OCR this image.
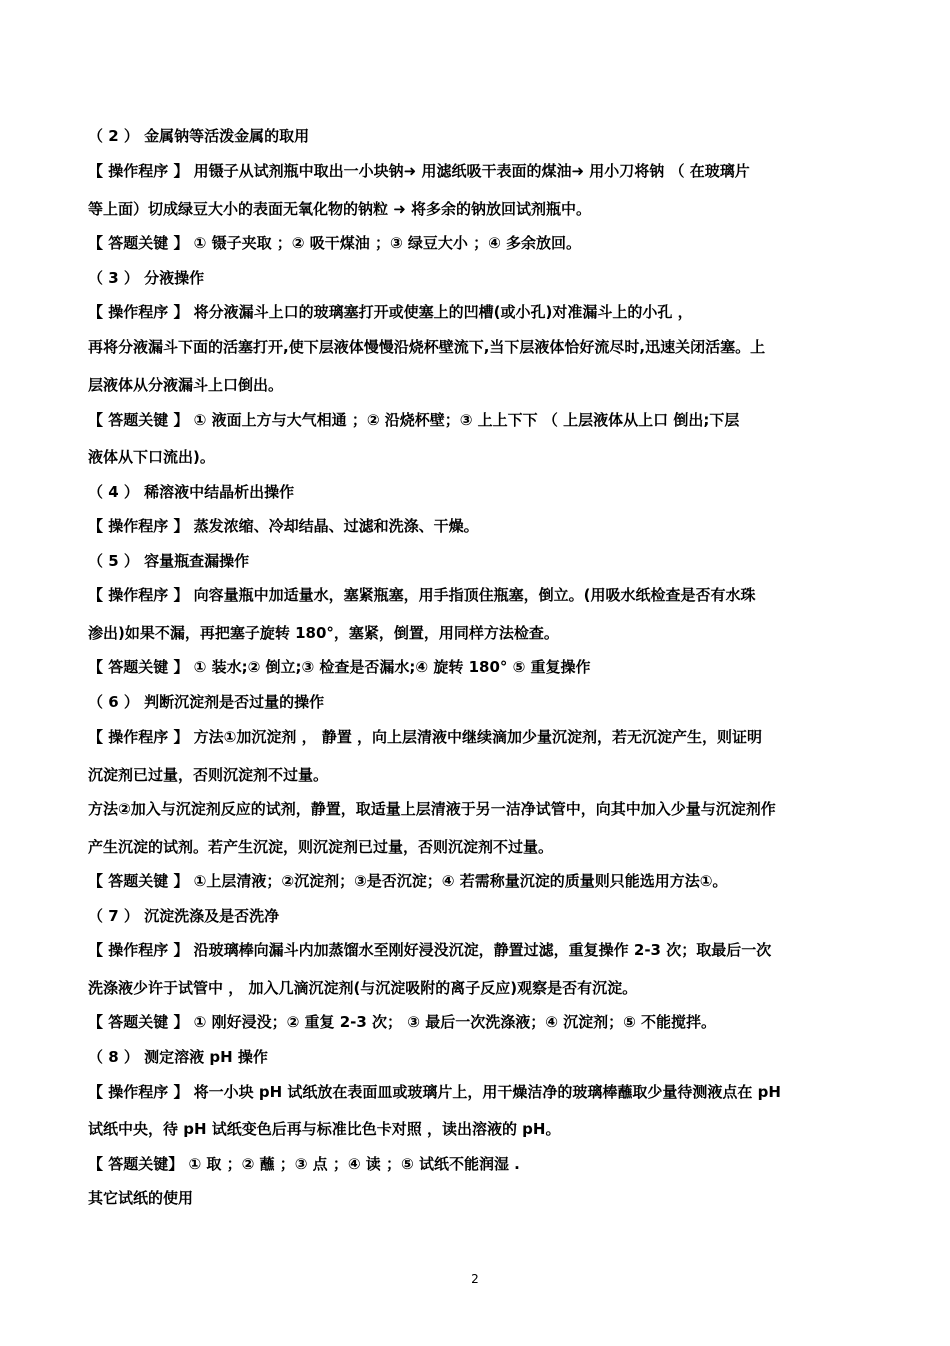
（ 2 ） 金属钠等活泼金属的取用
【 操作程序 】 用镊子从试剂瓶中取出一小块钠➜ 用滤纸吸干表面的煤油➜ 用小刀将钠 （ 在玻璃片
等上面）切成绿豆大小的表面无氧化物的钠粒 ➜ 将多余的钠放回试剂瓶中。
【 答题关键 】 ① 镊子夹取 ；② 吸干煤油 ；③ 绿豆大小 ；④ 多余放回。
（ 3 ） 分液操作
【 操作程序 】 将分液漏斗上口的玻璃塞打开或使塞上的凹槽(或小孔)对准漏斗上的小孔 ，
再将分液漏斗下面的活塞打开,使下层液体慢慢沿烧杯壁流下,当下层液体恰好流尽时,迅速关闭活塞。上
层液体从分液漏斗上口倒出。
【 答题关键 】 ① 液面上方与大气相通 ；② 沿烧杯壁；③ 上上下下 （ 上层液体从上口 倒出;下层
液体从下口流出)。
（ 4 ） 稀溶液中结晶析出操作
【 操作程序 】 蒸发浓缩、冷却结晶、过滤和洗涤、干燥。
（ 5 ） 容量瓶查漏操作
【 操作程序 】 向容量瓶中加适量水，塞紧瓶塞，用手指顶住瓶塞，倒立。(用吸水纸检查是否有水珠
渗出)如果不漏，再把塞子旋转 180°，塞紧，倒置，用同样方法检查。
【 答题关键 】 ① 装水;② 倒立;③ 检查是否漏水;④ 旋转 180° ⑤ 重复操作
（ 6 ） 判断沉淀剂是否过量的操作
【 操作程序 】 方法①加沉淀剂 ， 静置 ，向上层清液中继续滴加少量沉淀剂，若无沉淀产生，则证明
沉淀剂已过量，否则沉淀剂不过量。
方法②加入与沉淀剂反应的试剂，静置，取适量上层清液于另一洁净试管中，向其中加入少量与沉淀剂作
产生沉淀的试剂。若产生沉淀，则沉淀剂已过量，否则沉淀剂不过量。
【 答题关键 】 ①上层清液；②沉淀剂；③是否沉淀；④ 若需称量沉淀的质量则只能选用方法①。
（ 7 ） 沉淀洗涤及是否洗净
【 操作程序 】 沿玻璃棒向漏斗内加蒸馏水至刚好浸没沉淀，静置过滤，重复操作 2-3 次；取最后一次
洗涤液少许于试管中 ， 加入几滴沉淀剂(与沉淀吸附的离子反应)观察是否有沉淀。
【 答题关键 】 ① 刚好浸没；② 重复 2-3 次； ③ 最后一次洗涤液；④ 沉淀剂；⑤ 不能搅拌。
（ 8 ） 测定溶液 pH 操作
【 操作程序 】 将一小块 pH 试纸放在表面皿或玻璃片上，用干燥洁净的玻璃棒蘸取少量待测液点在 pH
试纸中央，待 pH 试纸变色后再与标准比色卡对照 ，读出溶液的 pH。
【 答题关键】 ① 取 ；② 蘸 ；③ 点 ；④ 读 ；⑤ 试纸不能润湿 .
其它试纸的使用
2
